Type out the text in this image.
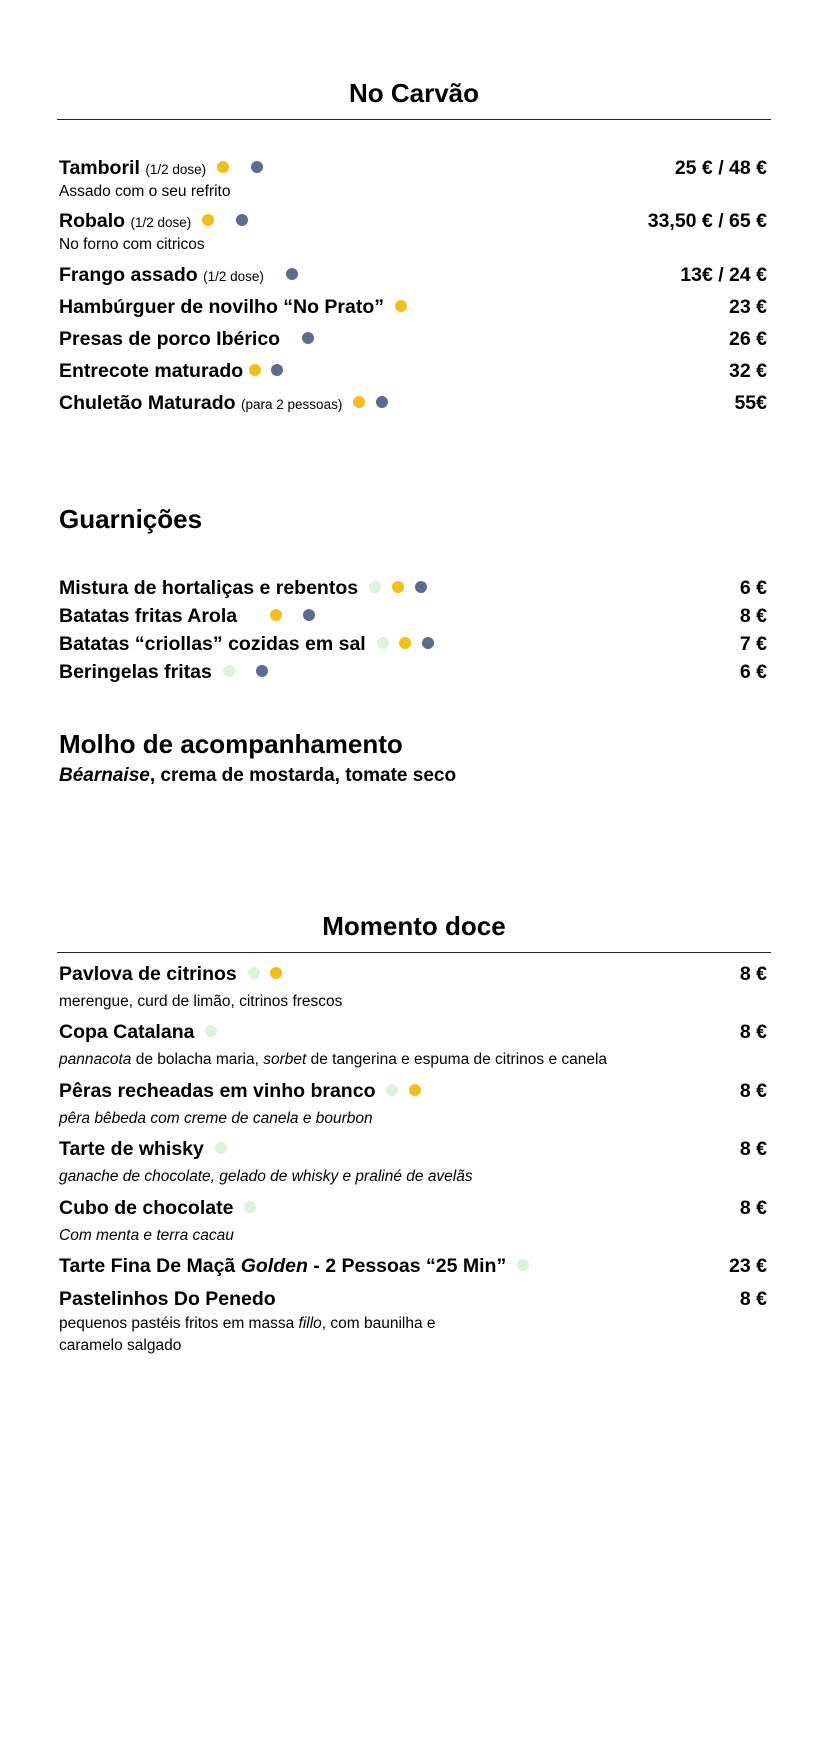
No Carvão
Tamboril (1/2 dose)	25 € / 48 €
Assado com o seu refrito
Robalo (1/2 dose)	33,50 € / 65 €
No forno com citricos
Frango assado (1/2 dose)	13€ / 24 €
Hambúrguer de novilho “No Prato”	23 €
Presas de porco Ibérico	26 €
Entrecote maturado	32 €
Chuletão Maturado (para 2 pessoas)	55€
Guarnições
Mistura de hortaliças e rebentos	6 €
Batatas fritas Arola	8 €
Batatas “criollas” cozidas em sal	7 €
Beringelas fritas	6 €
Molho de acompanhamento
Béarnaise, crema de mostarda, tomate seco
Momento doce
Pavlova de citrinos	8 €
merengue, curd de limão, citrinos frescos
Copa Catalana	8 €
pannacota de bolacha maria, sorbet de tangerina e espuma de citrinos e canela
Pêras recheadas em vinho branco	8 €
pêra bêbeda com creme de canela e bourbon
Tarte de whisky	8 €
ganache de chocolate, gelado de whisky e praliné de avelãs
Cubo de chocolate	8 €
Com menta e terra cacau
Tarte Fina De Maçã Golden - 2 Pessoas “25 Min”	23 €
Pastelinhos Do Penedo	8 €
pequenos pastéis fritos em massa fillo, com baunilha e
caramelo salgado
